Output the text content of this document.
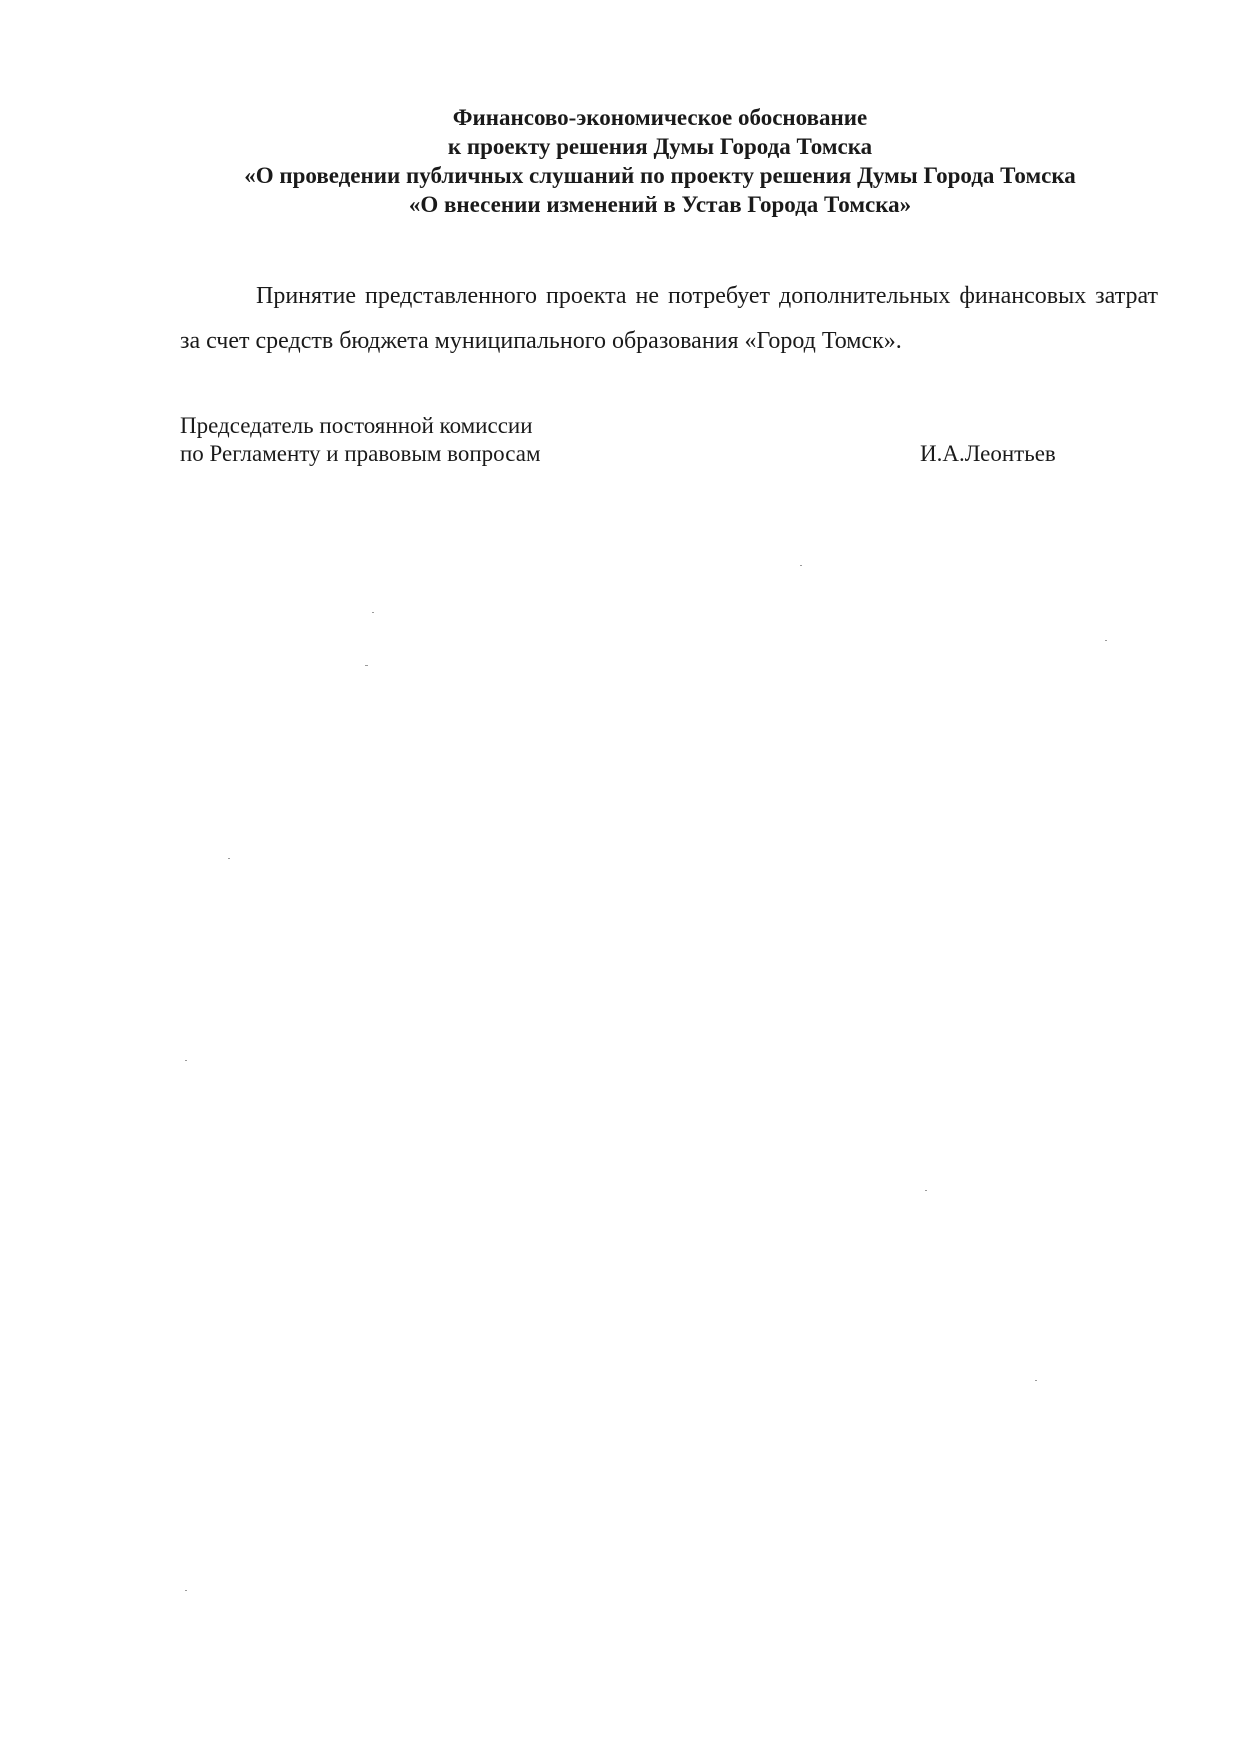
Финансово-экономическое обоснование
к проекту решения Думы Города Томска
«О проведении публичных слушаний по проекту решения Думы Города Томска
«О внесении изменений в Устав Города Томска»

Принятие представленного проекта не потребует дополнительных финансовых затрат за счет средств бюджета муниципального образования «Город Томск».

Председатель постоянной комиссии
по Регламенту и правовым вопросам	И.А.Леонтьев
